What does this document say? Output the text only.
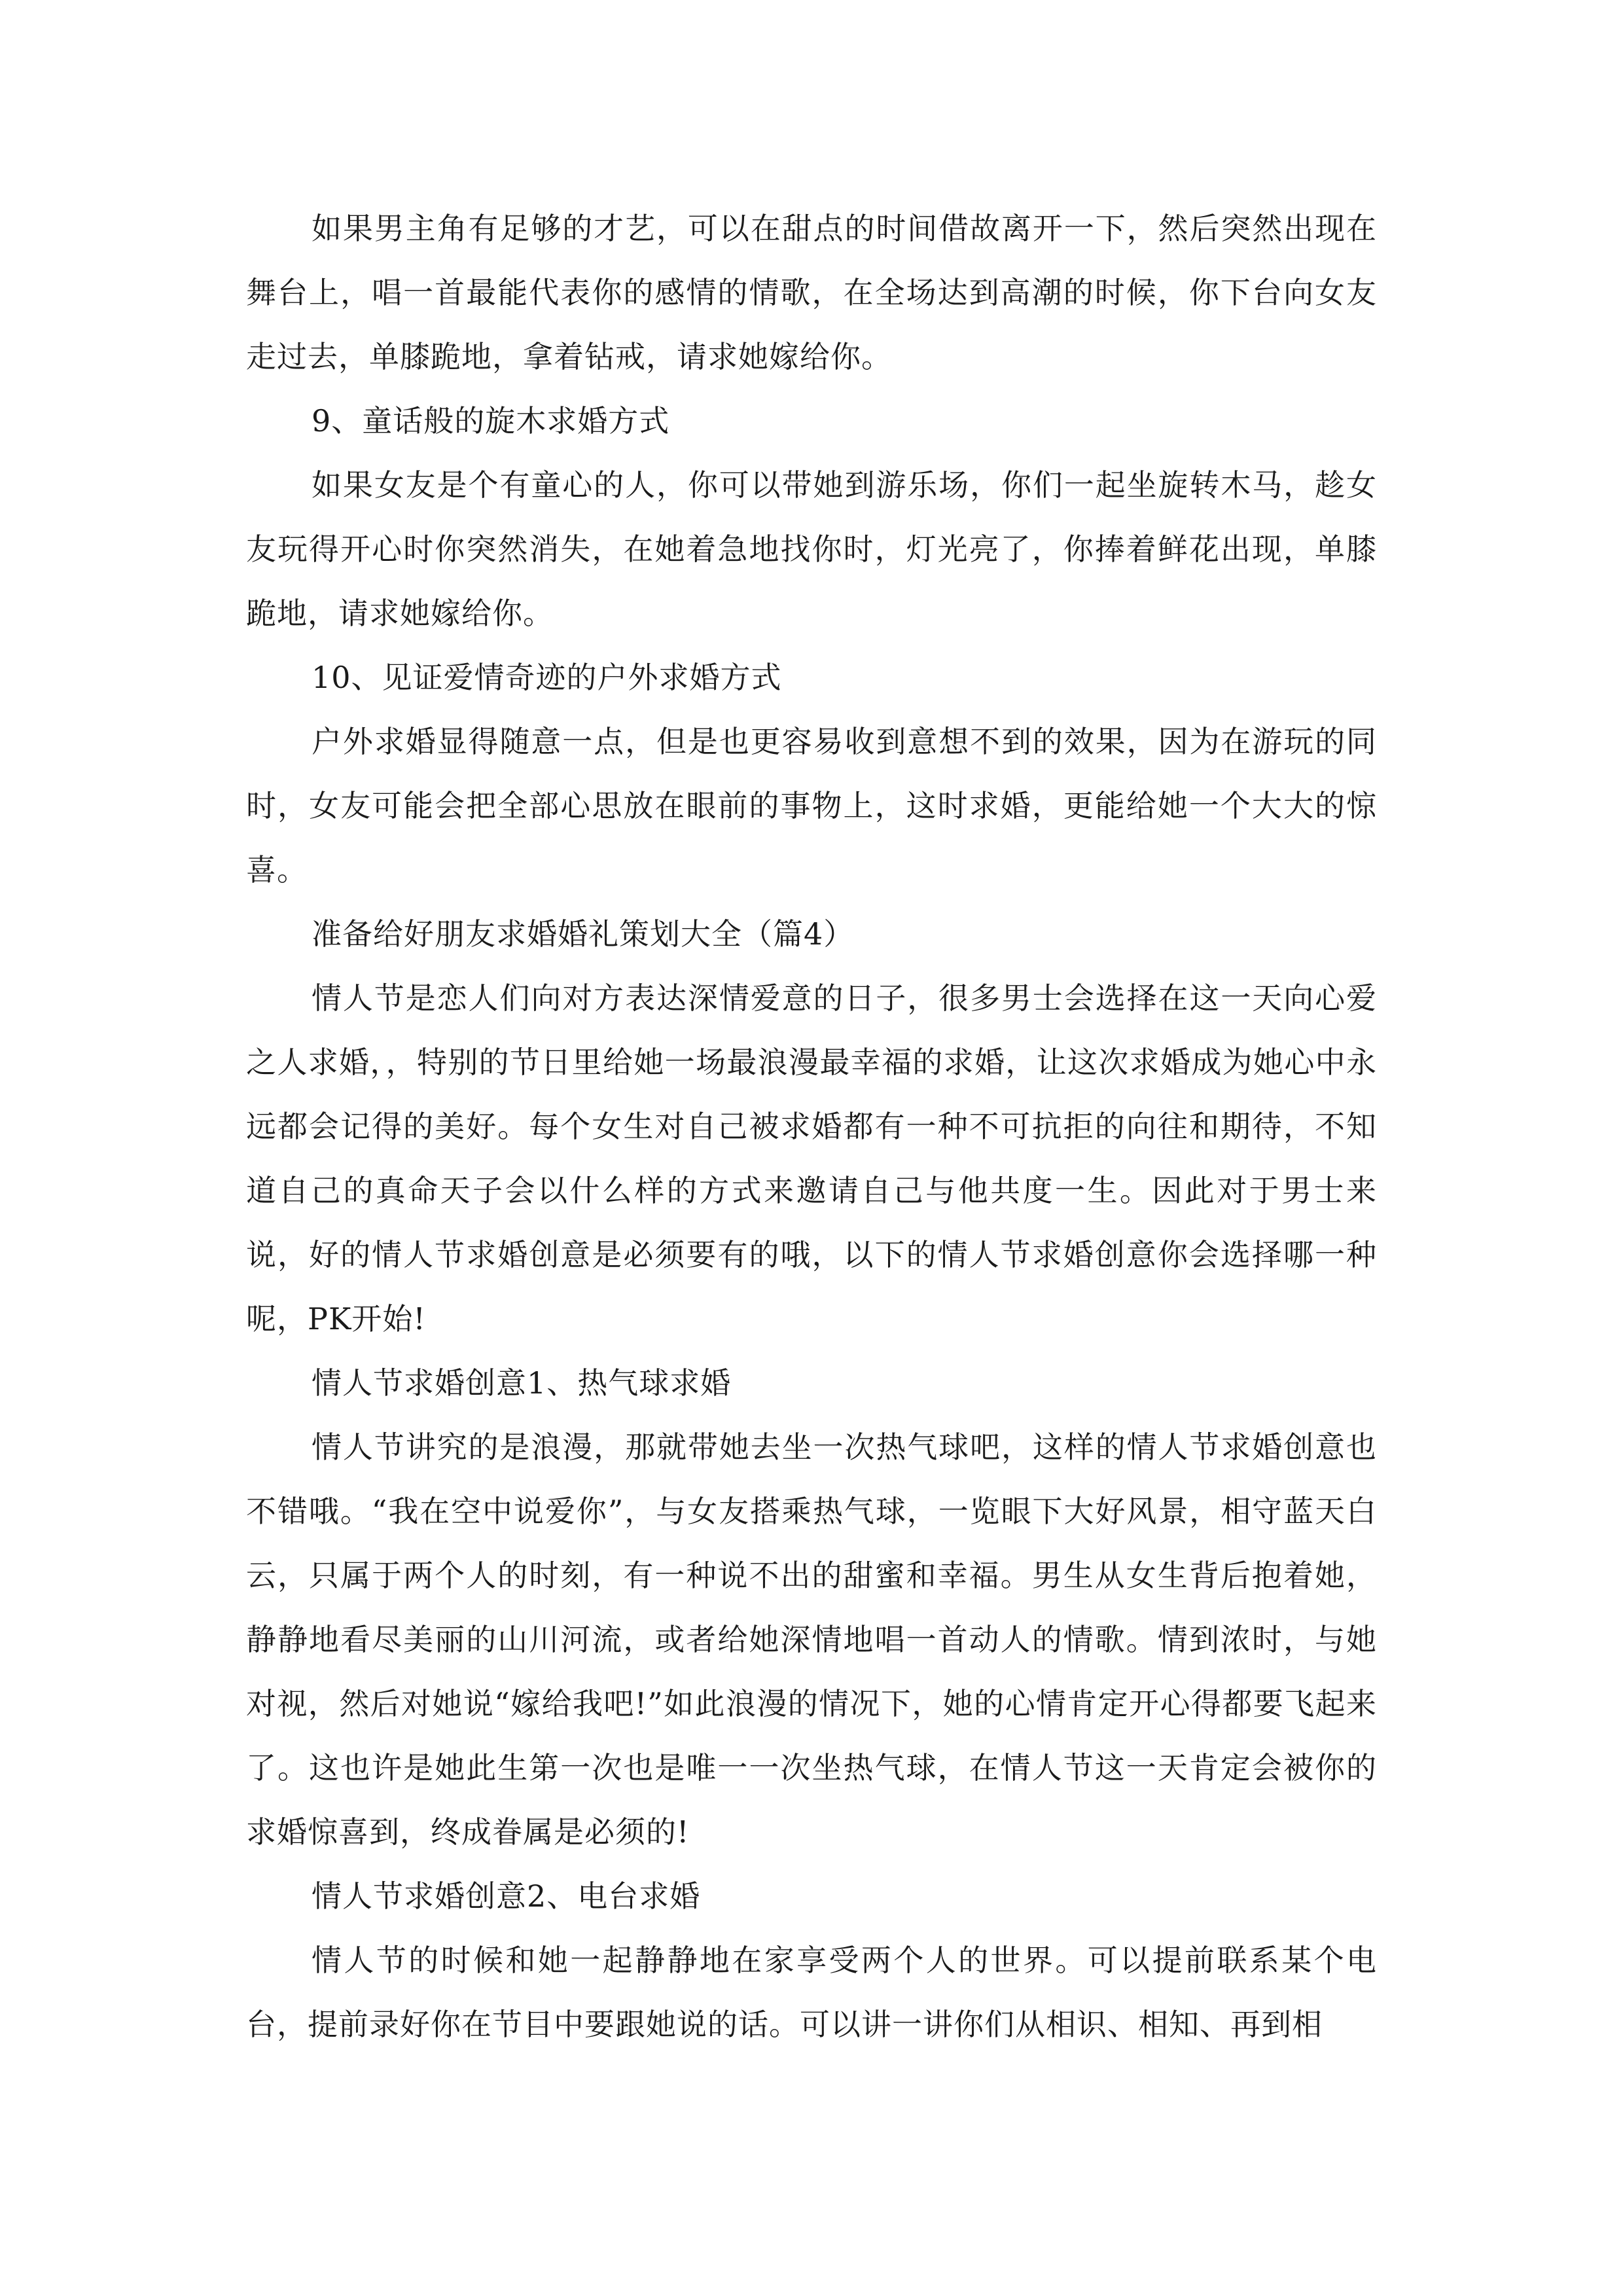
如果男主角有足够的才艺，可以在甜点的时间借故离开一下，然后突然出现在舞台上，唱一首最能代表你的感情的情歌，在全场达到高潮的时候，你下台向女友走过去，单膝跪地，拿着钻戒，请求她嫁给你。

9、童话般的旋木求婚方式

如果女友是个有童心的人，你可以带她到游乐场，你们一起坐旋转木马，趁女友玩得开心时你突然消失，在她着急地找你时，灯光亮了，你捧着鲜花出现，单膝跪地，请求她嫁给你。

10、见证爱情奇迹的户外求婚方式

户外求婚显得随意一点，但是也更容易收到意想不到的效果，因为在游玩的同时，女友可能会把全部心思放在眼前的事物上，这时求婚，更能给她一个大大的惊喜。

准备给好朋友求婚婚礼策划大全（篇4）

情人节是恋人们向对方表达深情爱意的日子，很多男士会选择在这一天向心爱之人求婚，，特别的节日里给她一场最浪漫最幸福的求婚，让这次求婚成为她心中永远都会记得的美好。每个女生对自己被求婚都有一种不可抗拒的向往和期待，不知道自己的真命天子会以什么样的方式来邀请自己与他共度一生。因此对于男士来说，好的情人节求婚创意是必须要有的哦，以下的情人节求婚创意你会选择哪一种呢，PK开始!

情人节求婚创意1、热气球求婚

情人节讲究的是浪漫，那就带她去坐一次热气球吧，这样的情人节求婚创意也不错哦。“我在空中说爱你”，与女友搭乘热气球，一览眼下大好风景，相守蓝天白云，只属于两个人的时刻，有一种说不出的甜蜜和幸福。男生从女生背后抱着她，静静地看尽美丽的山川河流，或者给她深情地唱一首动人的情歌。情到浓时，与她对视，然后对她说“嫁给我吧!”如此浪漫的情况下，她的心情肯定开心得都要飞起来了。这也许是她此生第一次也是唯一一次坐热气球，在情人节这一天肯定会被你的求婚惊喜到，终成眷属是必须的!

情人节求婚创意2、电台求婚

情人节的时候和她一起静静地在家享受两个人的世界。可以提前联系某个电台，提前录好你在节目中要跟她说的话。可以讲一讲你们从相识、相知、再到相
